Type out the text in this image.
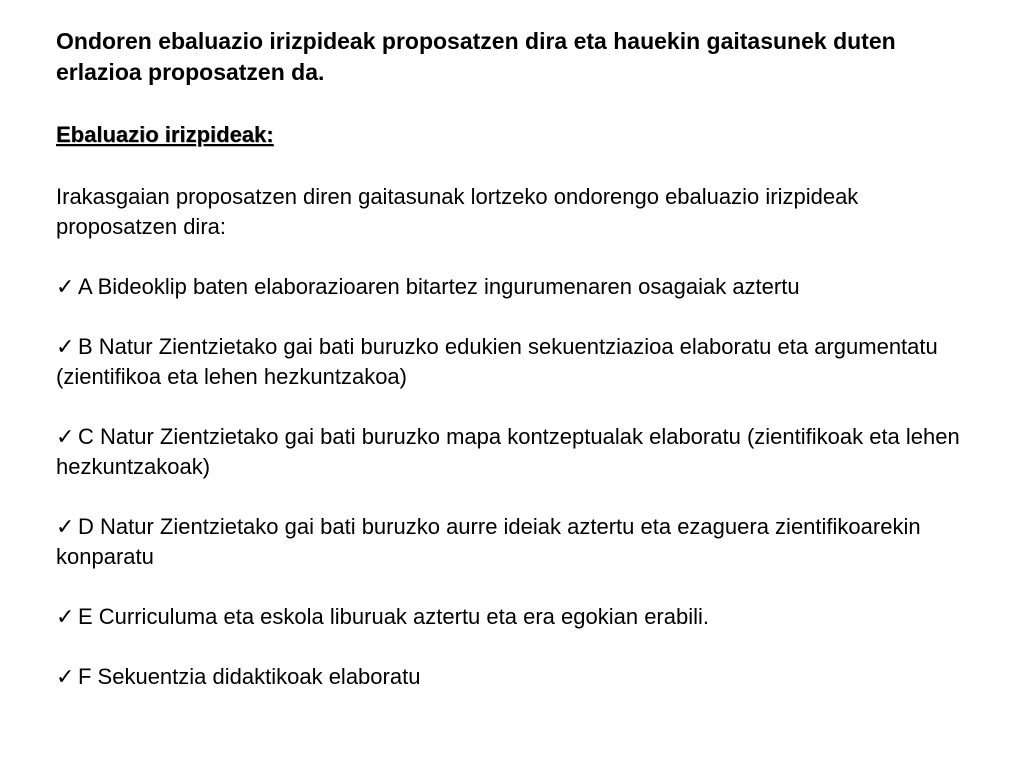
Ondoren ebaluazio irizpideak proposatzen dira eta hauekin gaitasunek duten erlazioa proposatzen da.

Ebaluazio irizpideak:

Irakasgaian proposatzen diren gaitasunak lortzeko ondorengo ebaluazio irizpideak proposatzen dira:

✓ A Bideoklip baten elaborazioaren bitartez ingurumenaren osagaiak aztertu
✓ B Natur Zientzietako gai bati buruzko edukien sekuentziazioa elaboratu eta argumentatu (zientifikoa eta lehen hezkuntzakoa)
✓ C Natur Zientzietako gai bati buruzko mapa kontzeptualak elaboratu (zientifikoak eta lehen hezkuntzakoak)
✓ D Natur Zientzietako gai bati buruzko aurre ideiak aztertu eta ezaguera zientifikoarekin konparatu
✓ E Curriculuma eta eskola liburuak aztertu eta era egokian erabili.
✓ F Sekuentzia didaktikoak elaboratu
